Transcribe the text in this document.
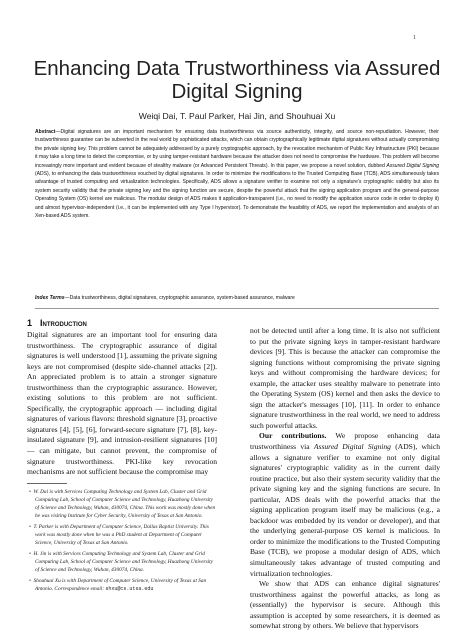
1
Enhancing Data Trustworthiness via Assured
Digital Signing
Weiqi Dai, T. Paul Parker, Hai Jin, and Shouhuai Xu
Abstract—Digital signatures are an important mechanism for ensuring data trustworthiness via source authenticity, integrity, and source non-repudiation. However, their trustworthiness guarantee can be subverted in the real world by sophisticated attacks, which can obtain cryptographically legitimate digital signatures without actually compromising the private signing key. This problem cannot be adequately addressed by a purely cryptographic approach, by the revocation mechanism of Public Key Infrastructure (PKI) because it may take a long time to detect the compromise, or by using tamper-resistant hardware because the attacker does not need to compromise the hardware. This problem will become increasingly more important and evident because of stealthy malware (or Advanced Persistent Threats). In this paper, we propose a novel solution, dubbed Assured Digital Signing (ADS), to enhancing the data trustworthiness vouched by digital signatures. In order to minimize the modifications to the Trusted Computing Base (TCB), ADS simultaneously takes advantage of trusted computing and virtualization technologies. Specifically, ADS allows a signature verifier to examine not only a signature's cryptographic validity but also its system security validity that the private signing key and the signing function are secure, despite the powerful attack that the signing application program and the general-purpose Operating System (OS) kernel are malicious. The modular design of ADS makes it application-transparent (i.e., no need to modify the application source code in order to deploy it) and almost hypervisor-independent (i.e., it can be implemented with any Type I hypervisor). To demonstrate the feasibility of ADS, we report the implementation and analysis of an Xen-based ADS system.
Index Terms—Data trustworthiness, digital signatures, cryptographic assurance, system-based assurance, malware
1 Introduction

Digital signatures are an important tool for ensuring data trustworthiness. The cryptographic assurance of digital signatures is well understood [1], assuming the private signing keys are not compromised (despite side-channel attacks [2]). An appreciated problem is to attain a stronger signature trustworthiness than the cryptographic assurance. However, existing solutions to this problem are not sufficient. Specifically, the cryptographic approach — including digital signatures of various flavors: threshold signature [3], proactive signatures [4], [5], [6], forward-secure signature [7], [8], key-insulated signature [9], and intrusion-resilient signatures [10] — can mitigate, but cannot prevent, the compromise of signature trustworthiness. PKI-like key revocation mechanisms are not sufficient because the compromise may

•  W. Dai is with Services Computing Technology and System Lab, Cluster and Grid Computing Lab, School of Computer Science and Technology, Huazhong University of Science and Technology, Wuhan, 430074, China. This work was mostly done when he was visiting Institute for Cyber Security, University of Texas at San Antonio.
•  T. Parker is with Department of Computer Science, Dallas Baptist University. This work was mostly done when he was a PhD student at Department of Computer Science, University of Texas at San Antonio.
•  H. Jin is with Services Computing Technology and System Lab, Cluster and Grid Computing Lab, School of Computer Science and Technology, Huazhong University of Science and Technology, Wuhan, 430074, China.
•  Shouhuai Xu is with Department of Computer Science, University of Texas at San Antonio. Correspondence email: shxu@cs.utsa.edu

not be detected until after a long time. It is also not sufficient to put the private signing keys in tamper-resistant hardware devices [9]. This is because the attacker can compromise the signing functions without compromising the private signing keys and without compromising the hardware devices; for example, the attacker uses stealthy malware to penetrate into the Operating System (OS) kernel and then asks the device to sign the attacker's messages [10], [11]. In order to enhance signature trustworthiness in the real world, we need to address such powerful attacks.

Our contributions. We propose enhancing data trustworthiness via Assured Digital Signing (ADS), which allows a signature verifier to examine not only digital signatures' cryptographic validity as in the current daily routine practice, but also their system security validity that the private signing key and the signing functions are secure. In particular, ADS deals with the powerful attacks that the signing application program itself may be malicious (e.g., a backdoor was embedded by its vendor or developer), and that the underlying general-purpose OS kernel is malicious. In order to minimize the modifications to the Trusted Computing Base (TCB), we propose a modular design of ADS, which simultaneously takes advantage of trusted computing and virtualization technologies.

We show that ADS can enhance digital signatures' trustworthiness against the powerful attacks, as long as (essentially) the hypervisor is secure. Although this assumption is accepted by some researchers, it is deemed as somewhat strong by others. We believe that hypervisors
